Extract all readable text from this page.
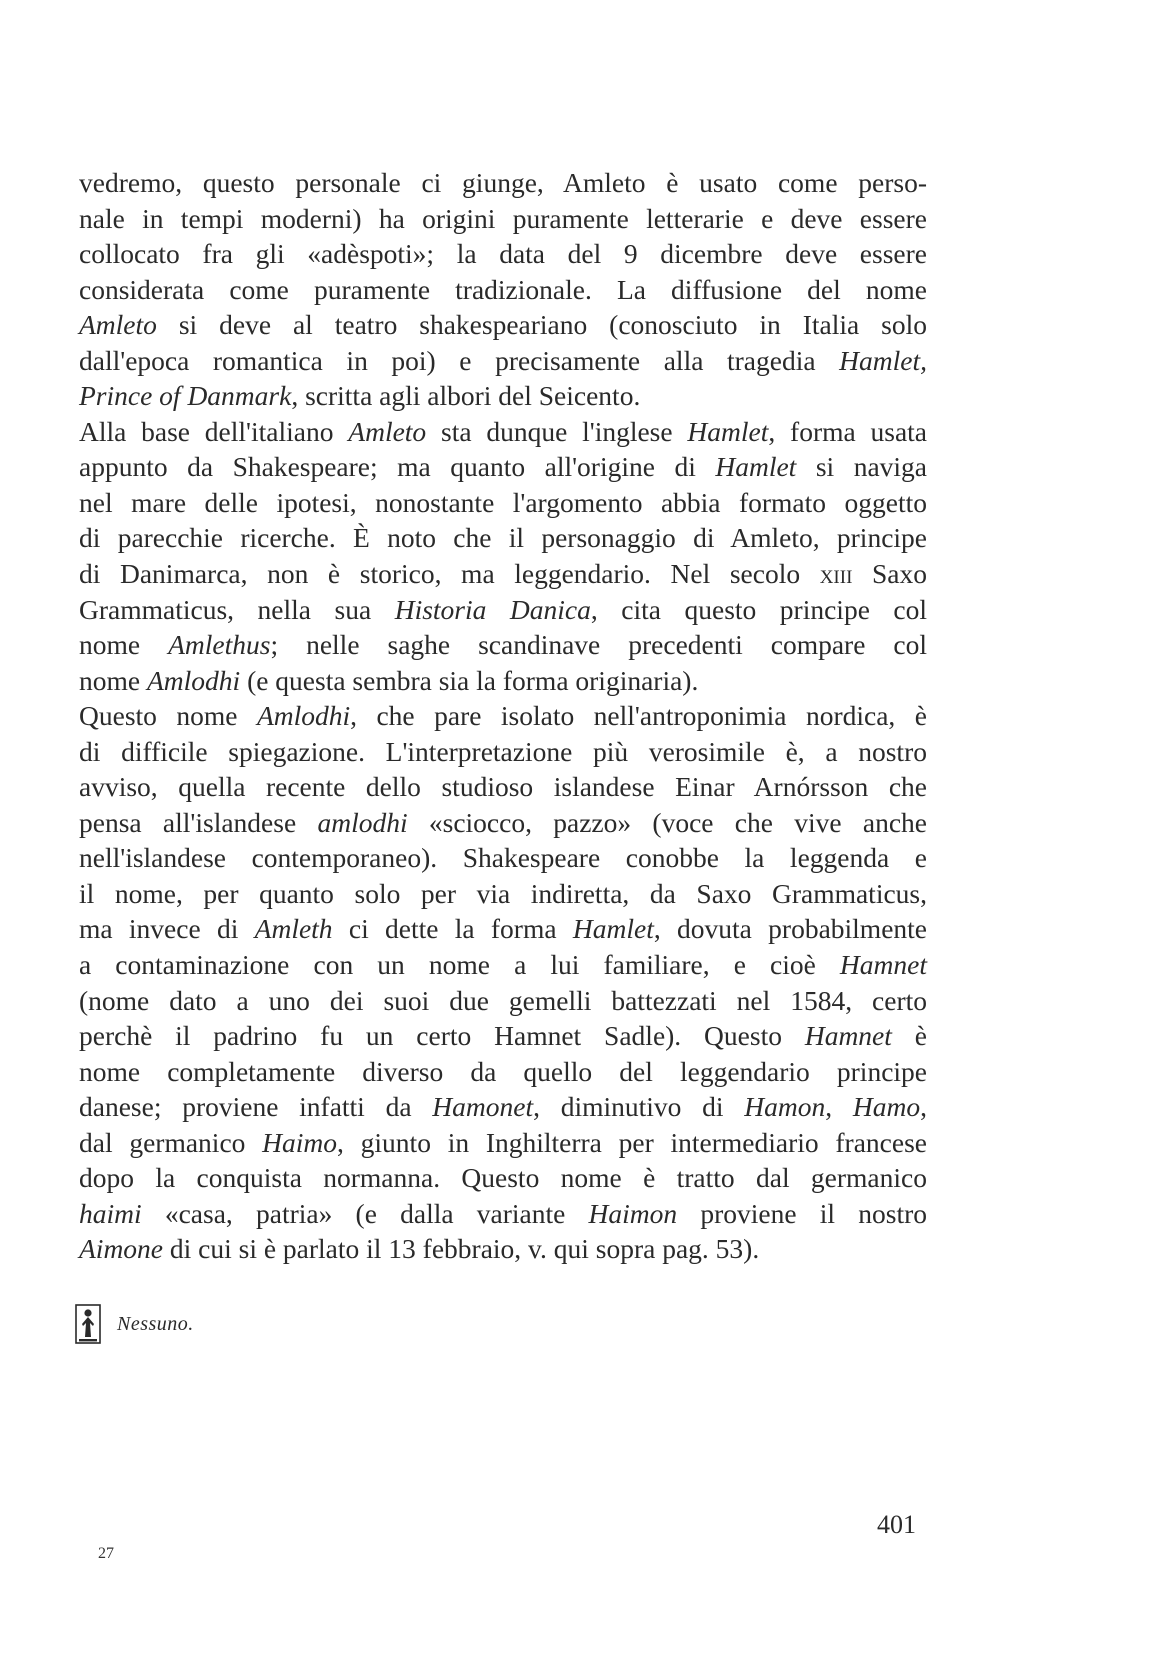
vedremo, questo personale ci giunge, Amleto è usato come perso-
nale in tempi moderni) ha origini puramente letterarie e deve essere
collocato fra gli «adèspoti»; la data del 9 dicembre deve essere
considerata come puramente tradizionale. La diffusione del nome
Amleto si deve al teatro shakespeariano (conosciuto in Italia solo
dall'epoca romantica in poi) e precisamente alla tragedia Hamlet,
Prince of Danmark, scritta agli albori del Seicento.
Alla base dell'italiano Amleto sta dunque l'inglese Hamlet, forma usata
appunto da Shakespeare; ma quanto all'origine di Hamlet si naviga
nel mare delle ipotesi, nonostante l'argomento abbia formato oggetto
di parecchie ricerche. È noto che il personaggio di Amleto, principe
di Danimarca, non è storico, ma leggendario. Nel secolo xiii Saxo
Grammaticus, nella sua Historia Danica, cita questo principe col
nome Amlethus; nelle saghe scandinave precedenti compare col
nome Amlodhi (e questa sembra sia la forma originaria).
Questo nome Amlodhi, che pare isolato nell'antroponimia nordica, è
di difficile spiegazione. L'interpretazione più verosimile è, a nostro
avviso, quella recente dello studioso islandese Einar Arnórsson che
pensa all'islandese amlodhi «sciocco, pazzo» (voce che vive anche
nell'islandese contemporaneo). Shakespeare conobbe la leggenda e
il nome, per quanto solo per via indiretta, da Saxo Grammaticus,
ma invece di Amleth ci dette la forma Hamlet, dovuta probabilmente
a contaminazione con un nome a lui familiare, e cioè Hamnet
(nome dato a uno dei suoi due gemelli battezzati nel 1584, certo
perchè il padrino fu un certo Hamnet Sadle). Questo Hamnet è
nome completamente diverso da quello del leggendario principe
danese; proviene infatti da Hamonet, diminutivo di Hamon, Hamo,
dal germanico Haimo, giunto in Inghilterra per intermediario francese
dopo la conquista normanna. Questo nome è tratto dal germanico
haimi «casa, patria» (e dalla variante Haimon proviene il nostro
Aimone di cui si è parlato il 13 febbraio, v. qui sopra pag. 53).
Nessuno.
401
27
